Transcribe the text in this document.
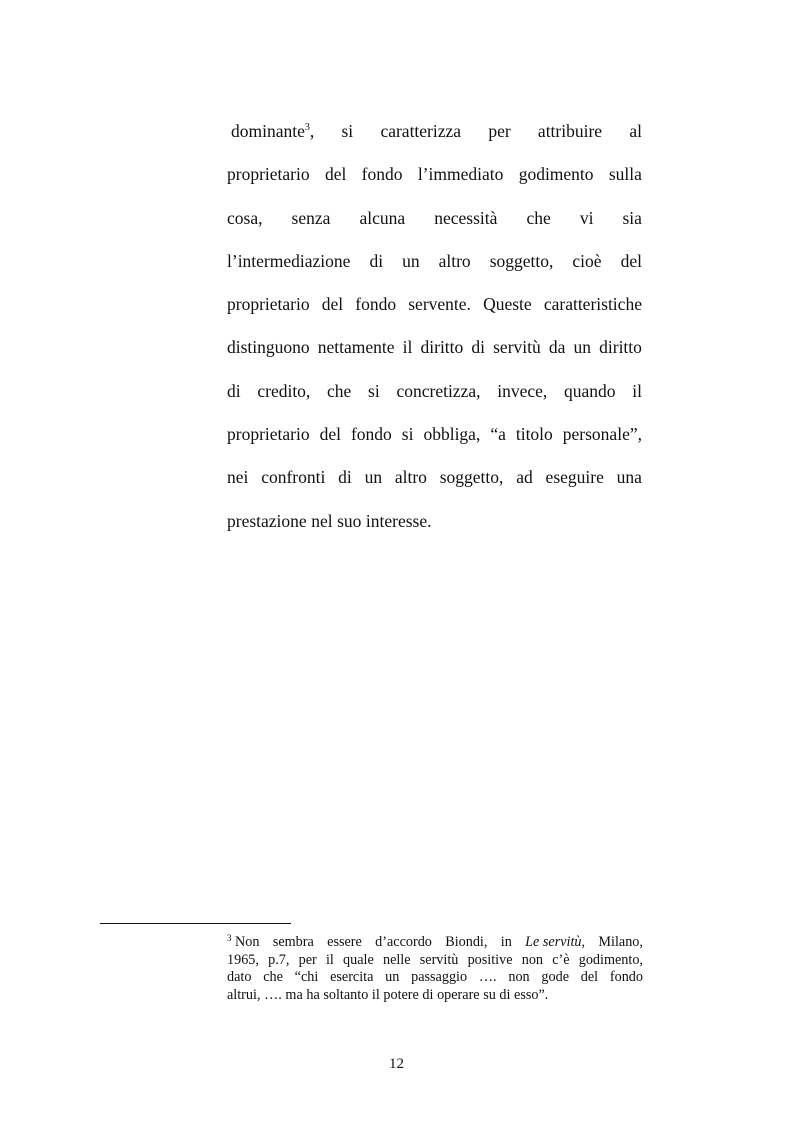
dominante$^3$, si caratterizza per attribuire al
proprietario del fondo l’immediato godimento sulla
cosa, senza alcuna necessità che vi sia
l’intermediazione di un altro soggetto, cioè del
proprietario del fondo servente. Queste caratteristiche
distinguono nettamente il diritto di servitù da un diritto
di credito, che si concretizza, invece, quando il
proprietario del fondo si obbliga, “a titolo personale”,
nei confronti di un altro soggetto, ad eseguire una
prestazione nel suo interesse.
$^3$ Non sembra essere d’accordo Biondi, in Le servitù, Milano,
1965, p.7, per il quale nelle servitù positive non c’è godimento,
dato che “chi esercita un passaggio …. non gode del fondo
altrui, …. ma ha soltanto il potere di operare su di esso”.
12
